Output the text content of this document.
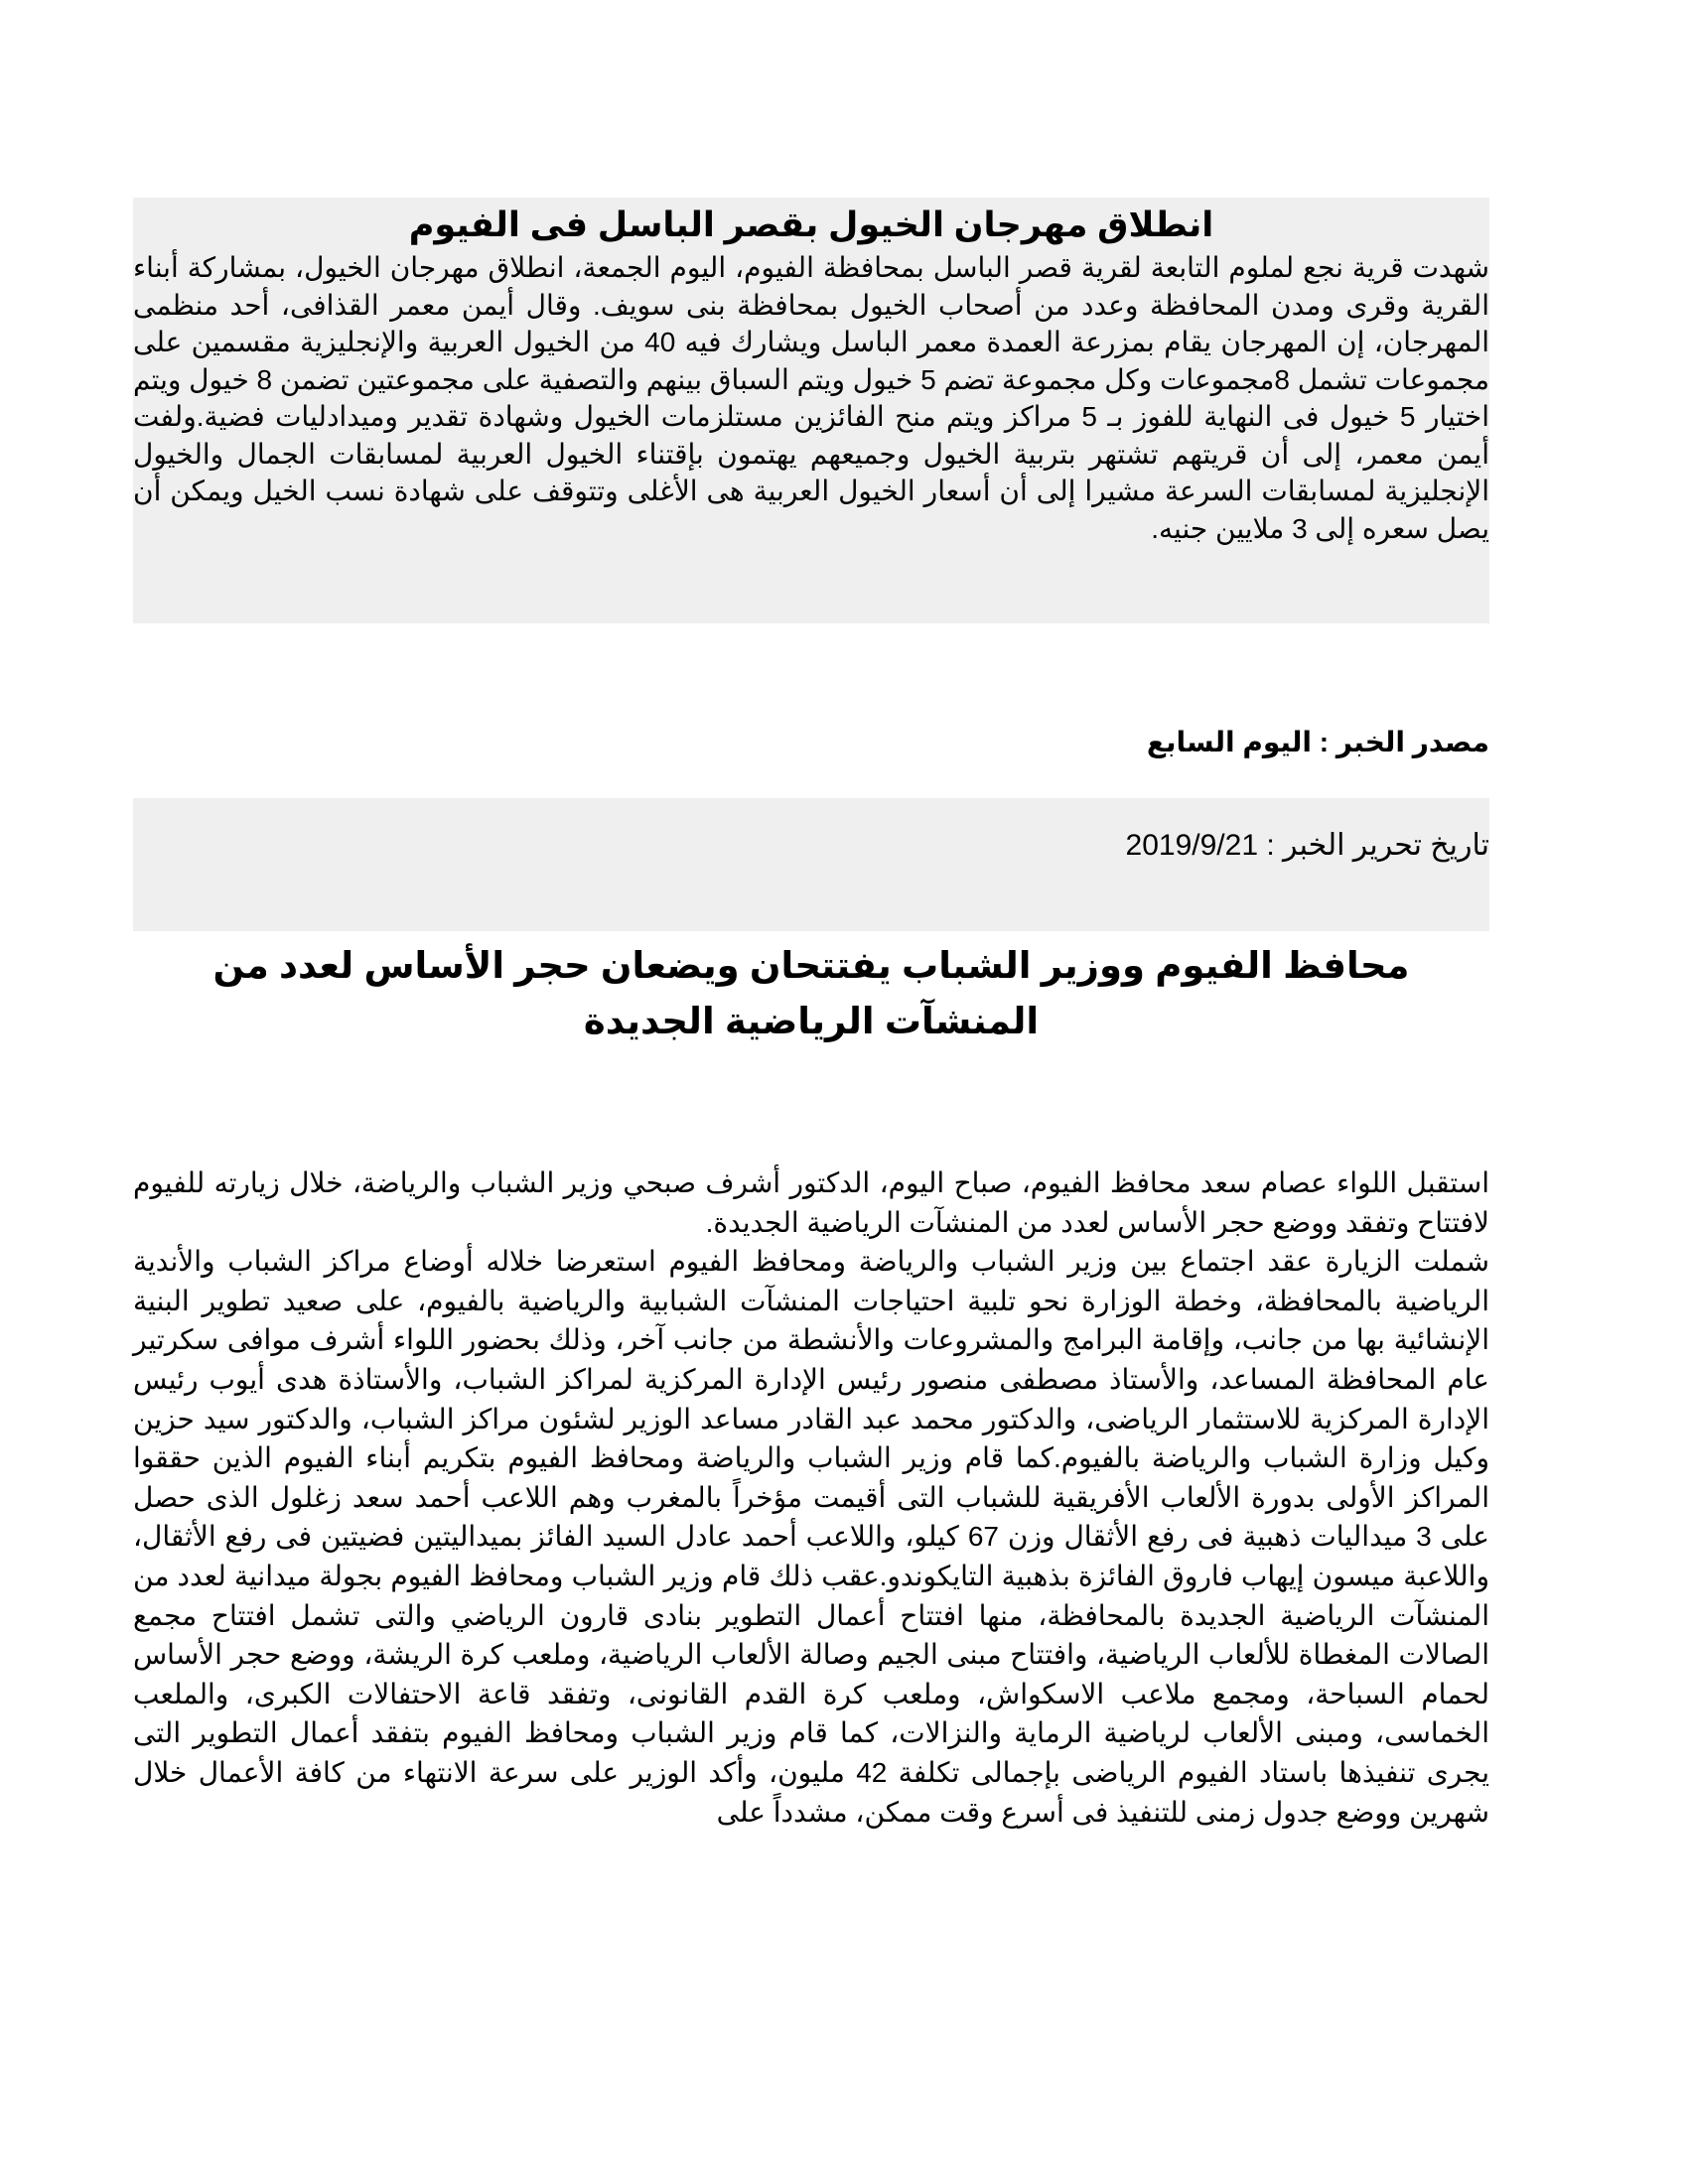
انطلاق مهرجان الخيول بقصر الباسل فى الفيوم

شهدت قرية نجع لملوم التابعة لقرية قصر الباسل بمحافظة الفيوم، اليوم الجمعة، انطلاق مهرجان الخيول، بمشاركة أبناء القرية وقرى ومدن المحافظة وعدد من أصحاب الخيول بمحافظة بنى سويف. وقال أيمن معمر القذافى، أحد منظمى المهرجان، إن المهرجان يقام بمزرعة العمدة معمر الباسل ويشارك فيه 40 من الخيول العربية والإنجليزية مقسمين على مجموعات تشمل 8مجموعات وكل مجموعة تضم 5 خيول ويتم السباق بينهم والتصفية على مجموعتين تضمن 8 خيول ويتم اختيار 5 خيول فى النهاية للفوز بـ 5 مراكز ويتم منح الفائزين مستلزمات الخيول وشهادة تقدير وميدادليات فضية.ولفت أيمن معمر، إلى أن قريتهم تشتهر بتربية الخيول وجميعهم يهتمون بإقتناء الخيول العربية لمسابقات الجمال والخيول الإنجليزية لمسابقات السرعة مشيرا إلى أن أسعار الخيول العربية هى الأغلى وتتوقف على شهادة نسب الخيل ويمكن أن يصل سعره إلى 3 ملايين جنيه.

مصدر الخبر : اليوم السابع
تاريخ تحرير الخبر : 2019/9/21
محافظ الفيوم ووزير الشباب يفتتحان ويضعان حجر الأساس لعدد من المنشآت الرياضية الجديدة

استقبل اللواء عصام سعد محافظ الفيوم، صباح اليوم، الدكتور أشرف صبحي وزير الشباب والرياضة، خلال زيارته للفيوم لافتتاح وتفقد ووضع حجر الأساس لعدد من المنشآت الرياضية الجديدة.

شملت الزيارة عقد اجتماع بين وزير الشباب والرياضة ومحافظ الفيوم استعرضا خلاله أوضاع مراكز الشباب والأندية الرياضية بالمحافظة، وخطة الوزارة نحو تلبية احتياجات المنشآت الشبابية والرياضية بالفيوم، على صعيد تطوير البنية الإنشائية بها من جانب، وإقامة البرامج والمشروعات والأنشطة من جانب آخر، وذلك بحضور اللواء أشرف موافى سكرتير عام المحافظة المساعد، والأستاذ مصطفى منصور رئيس الإدارة المركزية لمراكز الشباب، والأستاذة هدى أيوب رئيس الإدارة المركزية للاستثمار الرياضى، والدكتور محمد عبد القادر مساعد الوزير لشئون مراكز الشباب، والدكتور سيد حزين وكيل وزارة الشباب والرياضة بالفيوم.كما قام وزير الشباب والرياضة ومحافظ الفيوم بتكريم أبناء الفيوم الذين حققوا المراكز الأولى بدورة الألعاب الأفريقية للشباب التى أقيمت مؤخراً بالمغرب وهم اللاعب أحمد سعد زغلول الذى حصل على 3 ميداليات ذهبية فى رفع الأثقال وزن 67 كيلو، واللاعب أحمد عادل السيد الفائز بميداليتين فضيتين فى رفع الأثقال، واللاعبة ميسون إيهاب فاروق الفائزة بذهبية التايكوندو.عقب ذلك قام وزير الشباب ومحافظ الفيوم بجولة ميدانية لعدد من المنشآت الرياضية الجديدة بالمحافظة، منها افتتاح أعمال التطوير بنادى قارون الرياضي والتى تشمل افتتاح مجمع الصالات المغطاة للألعاب الرياضية، وافتتاح مبنى الجيم وصالة الألعاب الرياضية، وملعب كرة الريشة، ووضع حجر الأساس لحمام السباحة، ومجمع ملاعب الاسكواش، وملعب كرة القدم القانونى، وتفقد قاعة الاحتفالات الكبرى، والملعب الخماسى، ومبنى الألعاب لرياضية الرماية والنزالات، كما قام وزير الشباب ومحافظ الفيوم بتفقد أعمال التطوير التى يجرى تنفيذها باستاد الفيوم الرياضى بإجمالى تكلفة 42 مليون، وأكد الوزير على سرعة الانتهاء من كافة الأعمال خلال شهرين ووضع جدول زمنى للتنفيذ فى أسرع وقت ممكن، مشدداً على
